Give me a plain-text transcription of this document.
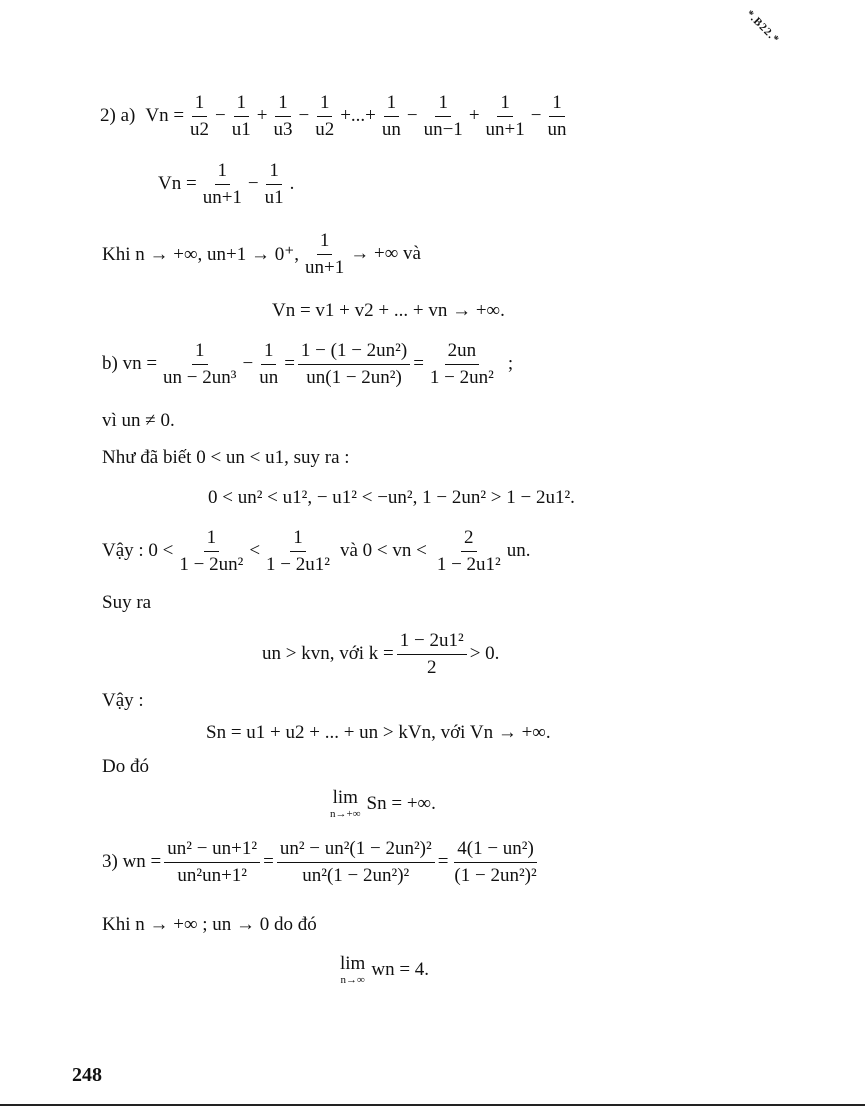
*.B22.*
2) a) $Vn = \frac{1}{u2} - \frac{1}{u1} + \frac{1}{u3} - \frac{1}{u2}$ +...+ $\frac{1}{un} - \frac{1}{un-1} + \frac{1}{un+1} - \frac{1}{un}$
$Vn = \frac{1}{un+1} - \frac{1}{u1}$ .
Khi n → +∞, un+1 → 0⁺, $\frac{1}{un+1}$ → +∞ và
Vn = v1 + v2 + ... + vn → +∞.
b) vn = $\frac{1}{\text{un − 2un³}} - \frac{1}{un} = \frac{\text{1 − (1 − 2un²)}}{\text{un(1 − 2un²)}} = \frac{2un}{\text{1 − 2un²}}$ ;
vì un ≠ 0.
Như đã biết 0 < un < u1, suy ra :
0 < un² < u1², − u1² < −un², 1 − 2un² > 1 − 2u1².
Vậy : $0 < \frac{1}{\text{1 − 2un²}} < \frac{1}{\text{1 − 2u1²}}$ và 0 < vn < $\frac{2}{\text{1 − 2u1²}}$ un.
Suy ra
un > kvn, với $k = \frac{\text{1 − 2u1²}}{2} > 0$.
Vậy :
Sn = u1 + u2 + ... + un > kVn, với Vn → +∞.
Do đó
lim
n→+∞ Sn = +∞.
3) wn = $\frac{\text{un² − un+1²}}{\text{un²un+1²}} = \frac{\text{un² − un²(1 − 2un²)²}}{\text{un²(1 − 2un²)²}} = \frac{\text{4(1 − un²)}}{\text{(1 − 2un²)²}}$
Khi n → +∞ ; un → 0 do đó
lim
n→∞ wn = 4.
248
